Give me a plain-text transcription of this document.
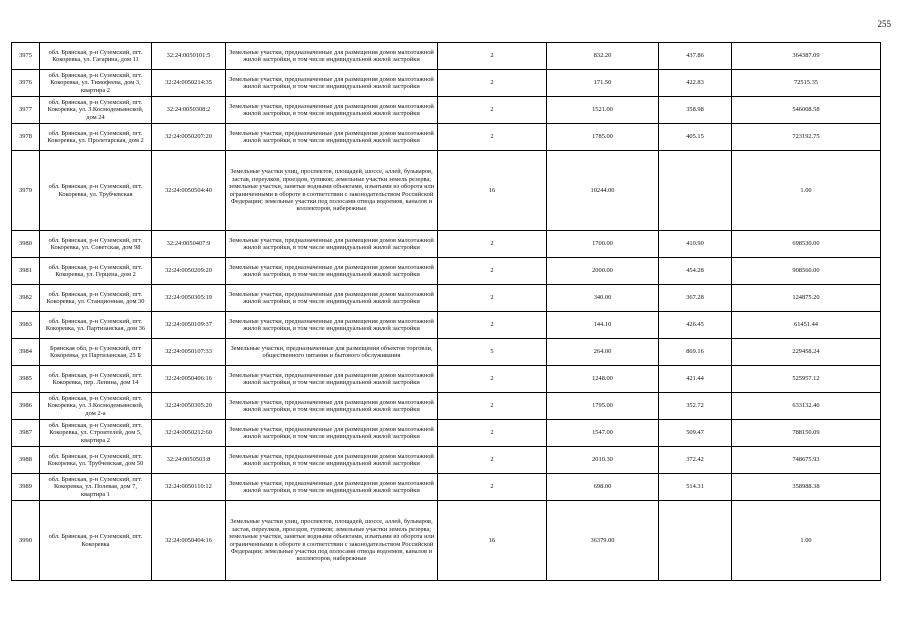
255
3975	обл. Брянская, р-н Суземский, пгт. Кокоревка, ул. Гагарина, дом 11	32:24:0050101:5	Земельные участки, предназначенные для размещения домов малоэтажной жилой застройки, в том числе индивидуальной жилой застройки	2	832.20	437.86	364387.09
3976	обл. Брянская, р-н Суземский, пгт. Кокоревка, ул. Тимофеева, дом 3, квартира 2	32:24:0050214:35	Земельные участки, предназначенные для размещения домов малоэтажной жилой застройки, в том числе индивидуальной жилой застройки	2	171.50	422.83	72515.35
3977	обл. Брянская, р-н Суземский, пгт. Кокоревка, ул. З.Космодемьянской, дом 24	32:24:0050308:2	Земельные участки, предназначенные для размещения домов малоэтажной жилой застройки, в том числе индивидуальной жилой застройки	2	1521.00	358.98	546008.58
3978	обл. Брянская, р-н Суземский, пгт. Кокоревка, ул. Пролетарская, дом 2	32:24:0050207:20	Земельные участки, предназначенные для размещения домов малоэтажной жилой застройки, в том числе индивидуальной жилой застройки	2	1785.00	405.15	723192.75
3979	обл. Брянская, р-н Суземский, пгт. Кокоревка, ул. Трубчевская	32:24:0050504:40	Земельные участки улиц, проспектов, площадей, шоссе, аллей, бульваров, застав, переулков, проездов, тупиков; земельные участки земель резерва; земельные участки, занятые водными объектами, изъятыми из оборота или ограниченными в обороте в соответствии с законодательством Российской Федерации; земельные участки под полосами отвода водоемов, каналов и коллекторов, набережные	16	10244.00		1.00
3980	обл. Брянская, р-н Суземский, пгт. Кокоревка, ул. Советская, дом 98	32:24:0050407:9	Земельные участки, предназначенные для размещения домов малоэтажной жилой застройки, в том числе индивидуальной жилой застройки	2	1700.00	410.90	698530.00
3981	обл. Брянская, р-н Суземский, пгт. Кокоревка, ул. Герцена, дом 2	32:24:0050209:20	Земельные участки, предназначенные для размещения домов малоэтажной жилой застройки, в том числе индивидуальной жилой застройки	2	2000.00	454.28	908560.00
3982	обл. Брянская, р-н Суземский, пгт. Кокоревка, ул. Станционная, дом 30	32:24:0050305:19	Земельные участки, предназначенные для размещения домов малоэтажной жилой застройки, в том числе индивидуальной жилой застройки	2	340.00	367.28	124875.20
3983	обл. Брянская, р-н Суземский, пгт. Кокоревка, ул. Партизанская, дом 36	32:24:0050109:37	Земельные участки, предназначенные для размещения домов малоэтажной жилой застройки, в том числе индивидуальной жилой застройки	2	144.10	426.45	61451.44
3984	Брянская обл, р-н Суземский, пгт Кокоревка, ул Партизанская, 25 Б	32:24:0050107:33	Земельные участки, предназначенные для размещения объектов торговли, общественного питания и бытового обслуживания	5	264.00	869.16	229458.24
3985	обл. Брянская, р-н Суземский, пгт. Кокоревка, пер. Ленина, дом 14	32:24:0050406:16	Земельные участки, предназначенные для размещения домов малоэтажной жилой застройки, в том числе индивидуальной жилой застройки	2	1248.00	421.44	525957.12
3986	обл. Брянская, р-н Суземский, пгт. Кокоревка, ул. З.Космодемьянской, дом 2-а	32:24:0050305:20	Земельные участки, предназначенные для размещения домов малоэтажной жилой застройки, в том числе индивидуальной жилой застройки	2	1795.00	352.72	633132.40
3987	обл. Брянская, р-н Суземский, пгт. Кокоревка, ул. Строителей, дом 5, квартира 2	32:24:0050212:60	Земельные участки, предназначенные для размещения домов малоэтажной жилой застройки, в том числе индивидуальной жилой застройки	2	1547.00	509.47	788150.09
3988	обл. Брянская, р-н Суземский, пгт. Кокоревка, ул. Трубчевская, дом 50	32:24:0050503:8	Земельные участки, предназначенные для размещения домов малоэтажной жилой застройки, в том числе индивидуальной жилой застройки	2	2010.30	372.42	748675.93
3989	обл. Брянская, р-н Суземский, пгт. Кокоревка, ул. Полевая, дом 7, квартира 1	32:24:0050110:12	Земельные участки, предназначенные для размещения домов малоэтажной жилой застройки, в том числе индивидуальной жилой застройки	2	698.00	514.31	358988.38
3990	обл. Брянская, р-н Суземский, пгт. Кокоревка	32:24:0050404:16	Земельные участки улиц, проспектов, площадей, шоссе, аллей, бульваров, застав, переулков, проездов, тупиков; земельные участки земель резерва; земельные участки, занятые водными объектами, изъятыми из оборота или ограниченными в обороте в соответствии с законодательством Российской Федерации; земельные участки под полосами отвода водоемов, каналов и коллекторов, набережные	16	36379.00		1.00
